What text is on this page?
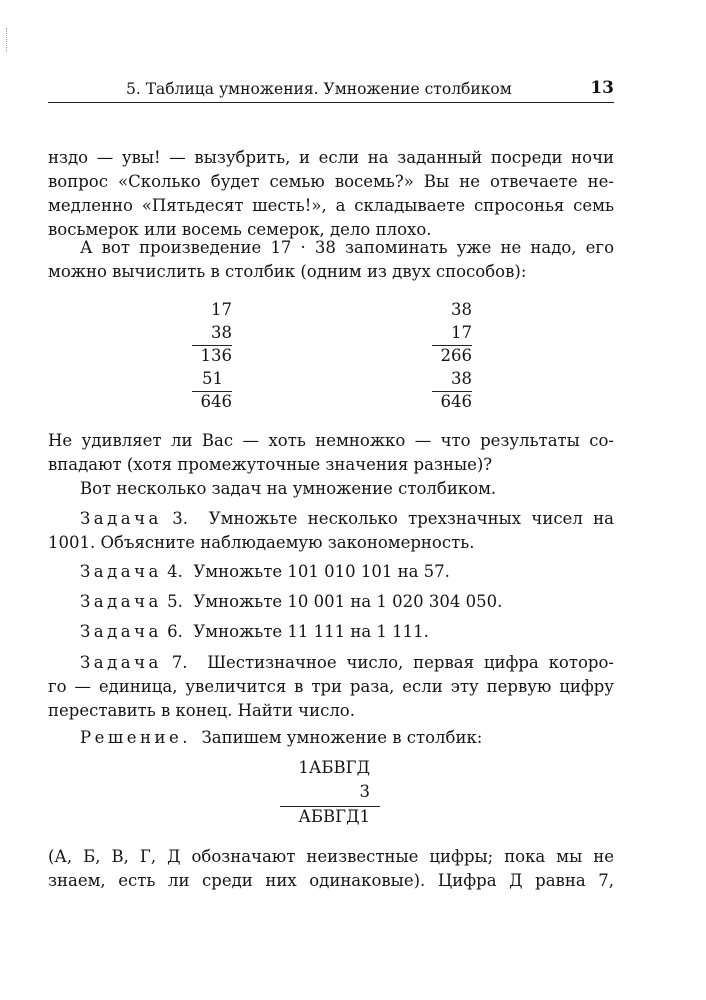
5. Таблица умножения. Умножение столбиком	13
нздо — увы! — вызубрить, и если на заданный посреди ночи
вопрос «Сколько будет семью восемь?» Вы не отвечаете не-
медленно «Пятьдесят шесть!», а складываете спросонья семь
восьмерок или восемь семерок, дело плохо.
А вот произведение 17 · 38 запоминать уже не надо, его
можно вычислить в столбик (одним из двух способов):
17
38
136
51
646
38
17
266
38
646
Не удивляет ли Вас — хоть немножко — что результаты со-
впадают (хотя промежуточные значения разные)?
Вот несколько задач на умножение столбиком.
Задача 3. Умножьте несколько трехзначных чисел на
1001. Объясните наблюдаемую закономерность.
Задача 4. Умножьте 101 010 101 на 57.
Задача 5. Умножьте 10 001 на 1 020 304 050.
Задача 6. Умножьте 11 111 на 1 111.
Задача 7. Шестизначное число, первая цифра которо-
го — единица, увеличится в три раза, если эту первую цифру
переставить в конец. Найти число.
Решение. Запишем умножение в столбик:
1АБВГД
3
АБВГД1
(А, Б, В, Г, Д обозначают неизвестные цифры; пока мы не
знаем, есть ли среди них одинаковые). Цифра Д равна 7,
